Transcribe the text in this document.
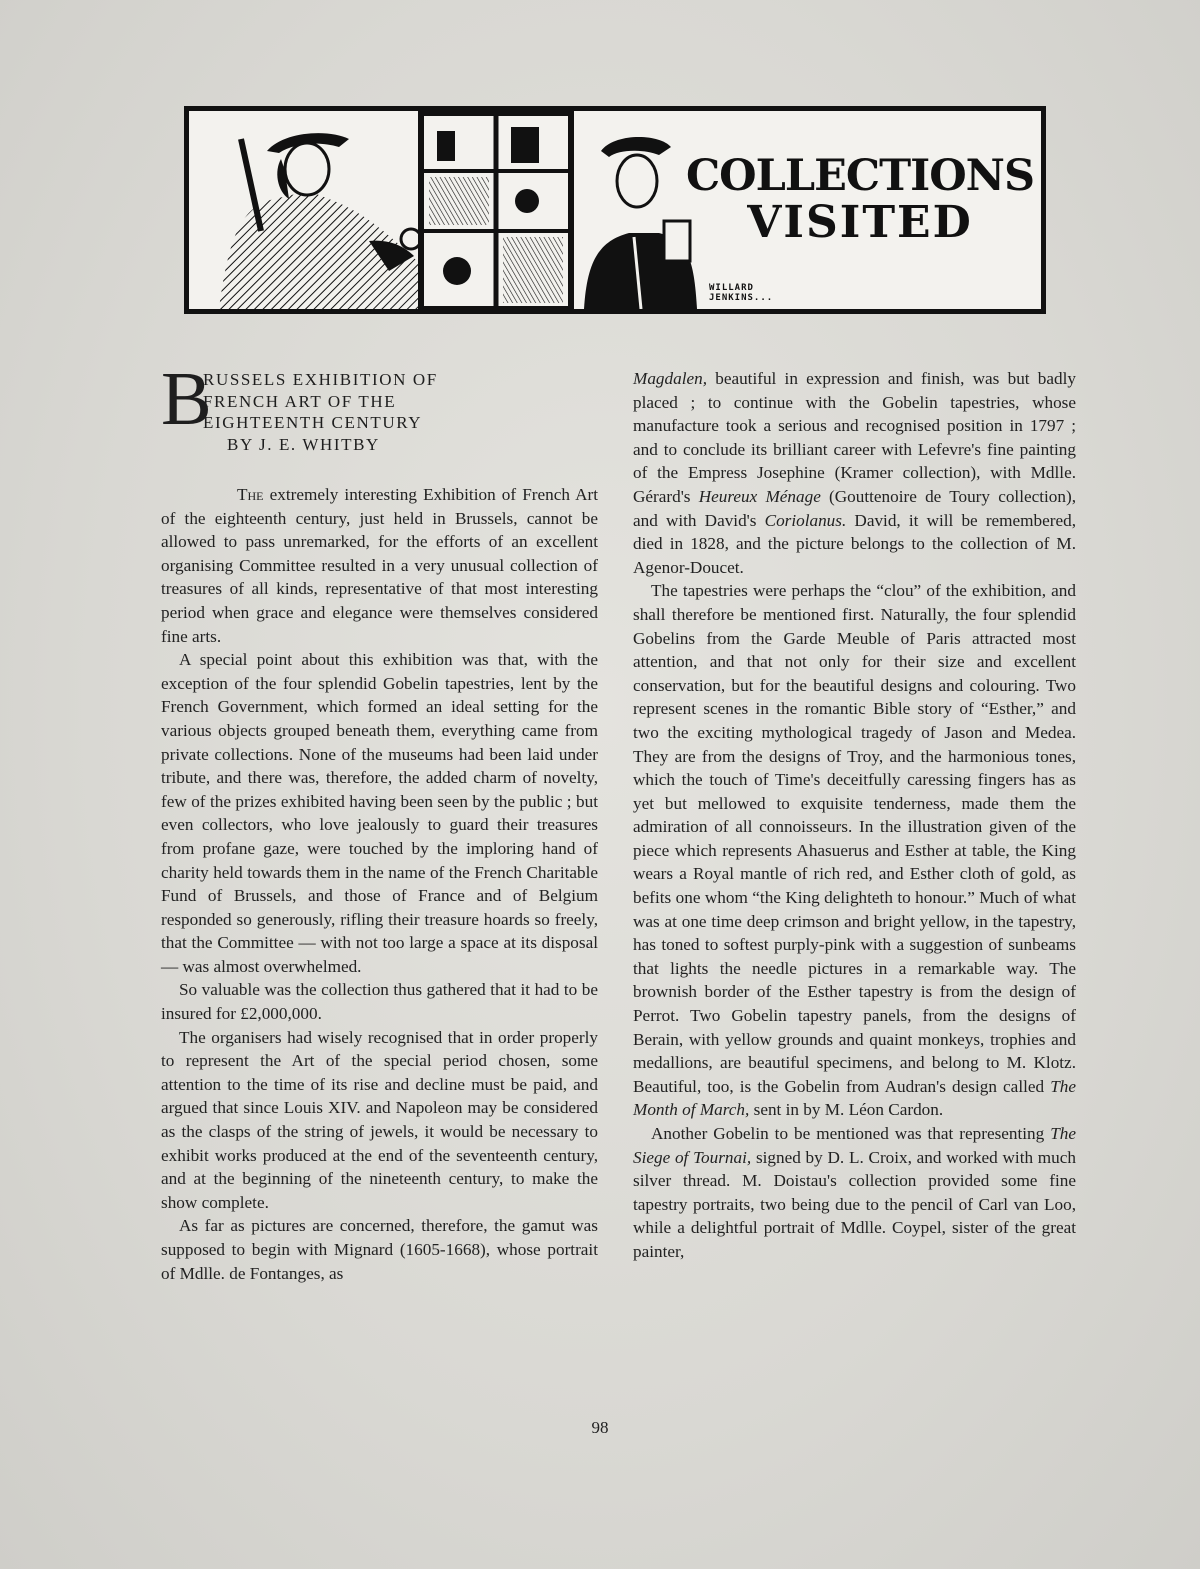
COLLECTIONS
VISITED
WILLARD
JENKINS...
B
RUSSELS EXHIBITION OF
FRENCH ART OF THE
EIGHTEENTH CENTURY
BY J. E. WHITBY

The extremely interesting Exhibition of French Art of the eighteenth century, just held in Brussels, cannot be allowed to pass unremarked, for the efforts of an excellent organising Committee resulted in a very unusual collection of treasures of all kinds, representative of that most interesting period when grace and elegance were themselves considered fine arts.

A special point about this exhibition was that, with the exception of the four splendid Gobelin tapestries, lent by the French Government, which formed an ideal setting for the various objects grouped beneath them, everything came from private collections. None of the museums had been laid under tribute, and there was, therefore, the added charm of novelty, few of the prizes exhibited having been seen by the public ; but even collectors, who love jealously to guard their treasures from profane gaze, were touched by the imploring hand of charity held towards them in the name of the French Charitable Fund of Brussels, and those of France and of Belgium responded so generously, rifling their treasure hoards so freely, that the Committee — with not too large a space at its disposal — was almost overwhelmed.

So valuable was the collection thus gathered that it had to be insured for £2,000,000.

The organisers had wisely recognised that in order properly to represent the Art of the special period chosen, some attention to the time of its rise and decline must be paid, and argued that since Louis XIV. and Napoleon may be considered as the clasps of the string of jewels, it would be necessary to exhibit works produced at the end of the seventeenth century, and at the beginning of the nineteenth century, to make the show complete.

As far as pictures are concerned, therefore, the gamut was supposed to begin with Mignard (1605-1668), whose portrait of Mdlle. de Fontanges, as

Magdalen, beautiful in expression and finish, was but badly placed ; to continue with the Gobelin tapestries, whose manufacture took a serious and recognised position in 1797 ; and to conclude its brilliant career with Lefevre's fine painting of the Empress Josephine (Kramer collection), with Mdlle. Gérard's Heureux Ménage (Gouttenoire de Toury collection), and with David's Coriolanus. David, it will be remembered, died in 1828, and the picture belongs to the collection of M. Agenor-Doucet.

The tapestries were perhaps the “clou” of the exhibition, and shall therefore be mentioned first. Naturally, the four splendid Gobelins from the Garde Meuble of Paris attracted most attention, and that not only for their size and excellent conservation, but for the beautiful designs and colouring. Two represent scenes in the romantic Bible story of “Esther,” and two the exciting mythological tragedy of Jason and Medea. They are from the designs of Troy, and the harmonious tones, which the touch of Time's deceitfully caressing fingers has as yet but mellowed to exquisite tenderness, made them the admiration of all connoisseurs. In the illustration given of the piece which represents Ahasuerus and Esther at table, the King wears a Royal mantle of rich red, and Esther cloth of gold, as befits one whom “the King delighteth to honour.” Much of what was at one time deep crimson and bright yellow, in the tapestry, has toned to softest purply-pink with a suggestion of sunbeams that lights the needle pictures in a remarkable way. The brownish border of the Esther tapestry is from the design of Perrot. Two Gobelin tapestry panels, from the designs of Berain, with yellow grounds and quaint monkeys, trophies and medallions, are beautiful specimens, and belong to M. Klotz. Beautiful, too, is the Gobelin from Audran's design called The Month of March, sent in by M. Léon Cardon.

Another Gobelin to be mentioned was that representing The Siege of Tournai, signed by D. L. Croix, and worked with much silver thread. M. Doistau's collection provided some fine tapestry portraits, two being due to the pencil of Carl van Loo, while a delightful portrait of Mdlle. Coypel, sister of the great painter,

98
